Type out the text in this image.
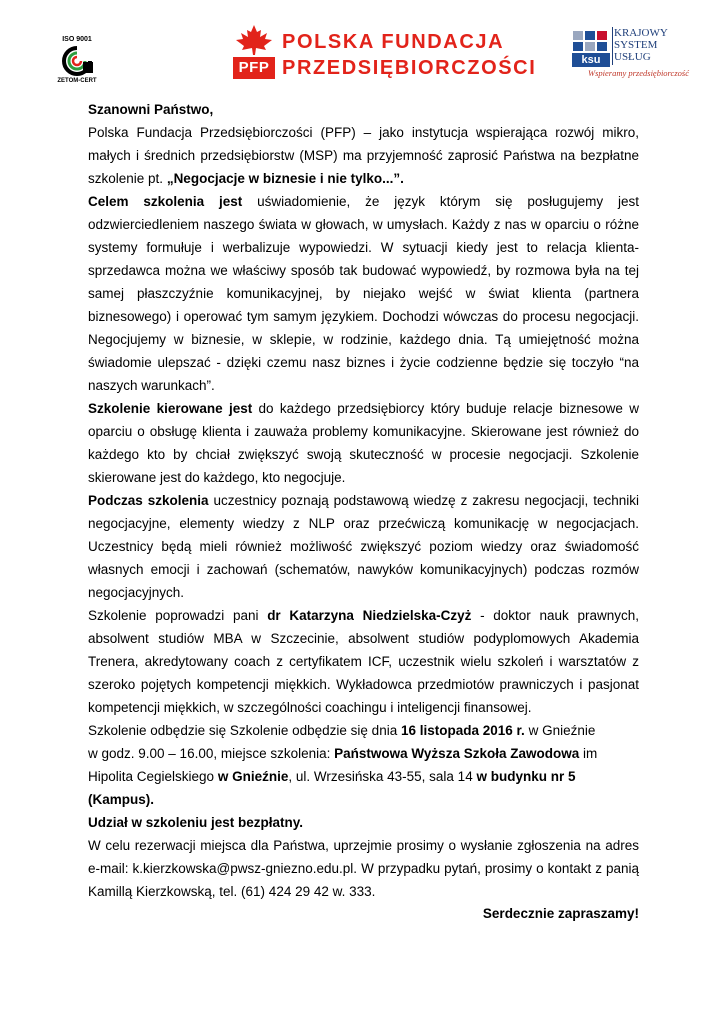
ISO 9001
ZETOM-CERT
PFP
POLSKA FUNDACJA
PRZEDSIĘBIORCZOŚCI	ksu
KRAJOWY
SYSTEM
USŁUG
Wspieramy przedsiębiorczość

Szanowni Państwo,

Polska Fundacja Przedsiębiorczości (PFP) – jako instytucja wspierająca rozwój mikro, małych i średnich przedsiębiorstw (MSP) ma przyjemność zaprosić Państwa na bezpłatne szkolenie pt. „Negocjacje w biznesie i nie tylko...”.

Celem szkolenia jest uświadomienie, że język którym się posługujemy jest odzwierciedleniem naszego świata w głowach, w umysłach. Każdy z nas w oparciu o różne systemy formułuje i werbalizuje wypowiedzi. W sytuacji kiedy jest to relacja klienta-sprzedawca można we właściwy sposób tak budować wypowiedź, by rozmowa była na tej samej płaszczyźnie komunikacyjnej, by niejako wejść w świat klienta (partnera biznesowego) i operować tym samym językiem. Dochodzi wówczas do procesu negocjacji. Negocjujemy w biznesie, w sklepie, w rodzinie, każdego dnia. Tą umiejętność można świadomie ulepszać - dzięki czemu nasz biznes i życie codzienne będzie się toczyło “na naszych warunkach”.

Szkolenie kierowane jest do każdego przedsiębiorcy który buduje relacje biznesowe w oparciu o obsługę klienta i zauważa problemy komunikacyjne. Skierowane jest również do każdego kto by chciał zwiększyć swoją skuteczność w procesie negocjacji. Szkolenie skierowane jest do każdego, kto negocjuje.

Podczas szkolenia uczestnicy poznają podstawową wiedzę z zakresu negocjacji, techniki negocjacyjne, elementy wiedzy z NLP oraz przećwiczą komunikację w negocjacjach. Uczestnicy będą mieli również możliwość zwiększyć poziom wiedzy oraz świadomość własnych emocji i zachowań (schematów, nawyków komunikacyjnych) podczas rozmów negocjacyjnych.

Szkolenie poprowadzi pani dr Katarzyna Niedzielska-Czyż - doktor nauk prawnych, absolwent studiów MBA w Szczecinie, absolwent studiów podyplomowych Akademia Trenera, akredytowany coach z certyfikatem ICF, uczestnik wielu szkoleń i warsztatów z szeroko pojętych kompetencji miękkich. Wykładowca przedmiotów prawniczych i pasjonat kompetencji miękkich, w szczególności coachingu i inteligencji finansowej.

Szkolenie odbędzie się Szkolenie odbędzie się dnia 16 listopada 2016 r. w Gnieźnie
w godz. 9.00 – 16.00, miejsce szkolenia: Państwowa Wyższa Szkoła Zawodowa im
Hipolita Cegielskiego w Gnieźnie, ul. Wrzesińska 43-55, sala 14 w budynku nr 5
(Kampus).

Udział w szkoleniu jest bezpłatny.

W celu rezerwacji miejsca dla Państwa, uprzejmie prosimy o wysłanie zgłoszenia na adres e-mail: k.kierzkowska@pwsz-gniezno.edu.pl. W przypadku pytań, prosimy o kontakt z panią Kamillą Kierzkowską, tel. (61) 424 29 42 w. 333.

Serdecznie zapraszamy!
